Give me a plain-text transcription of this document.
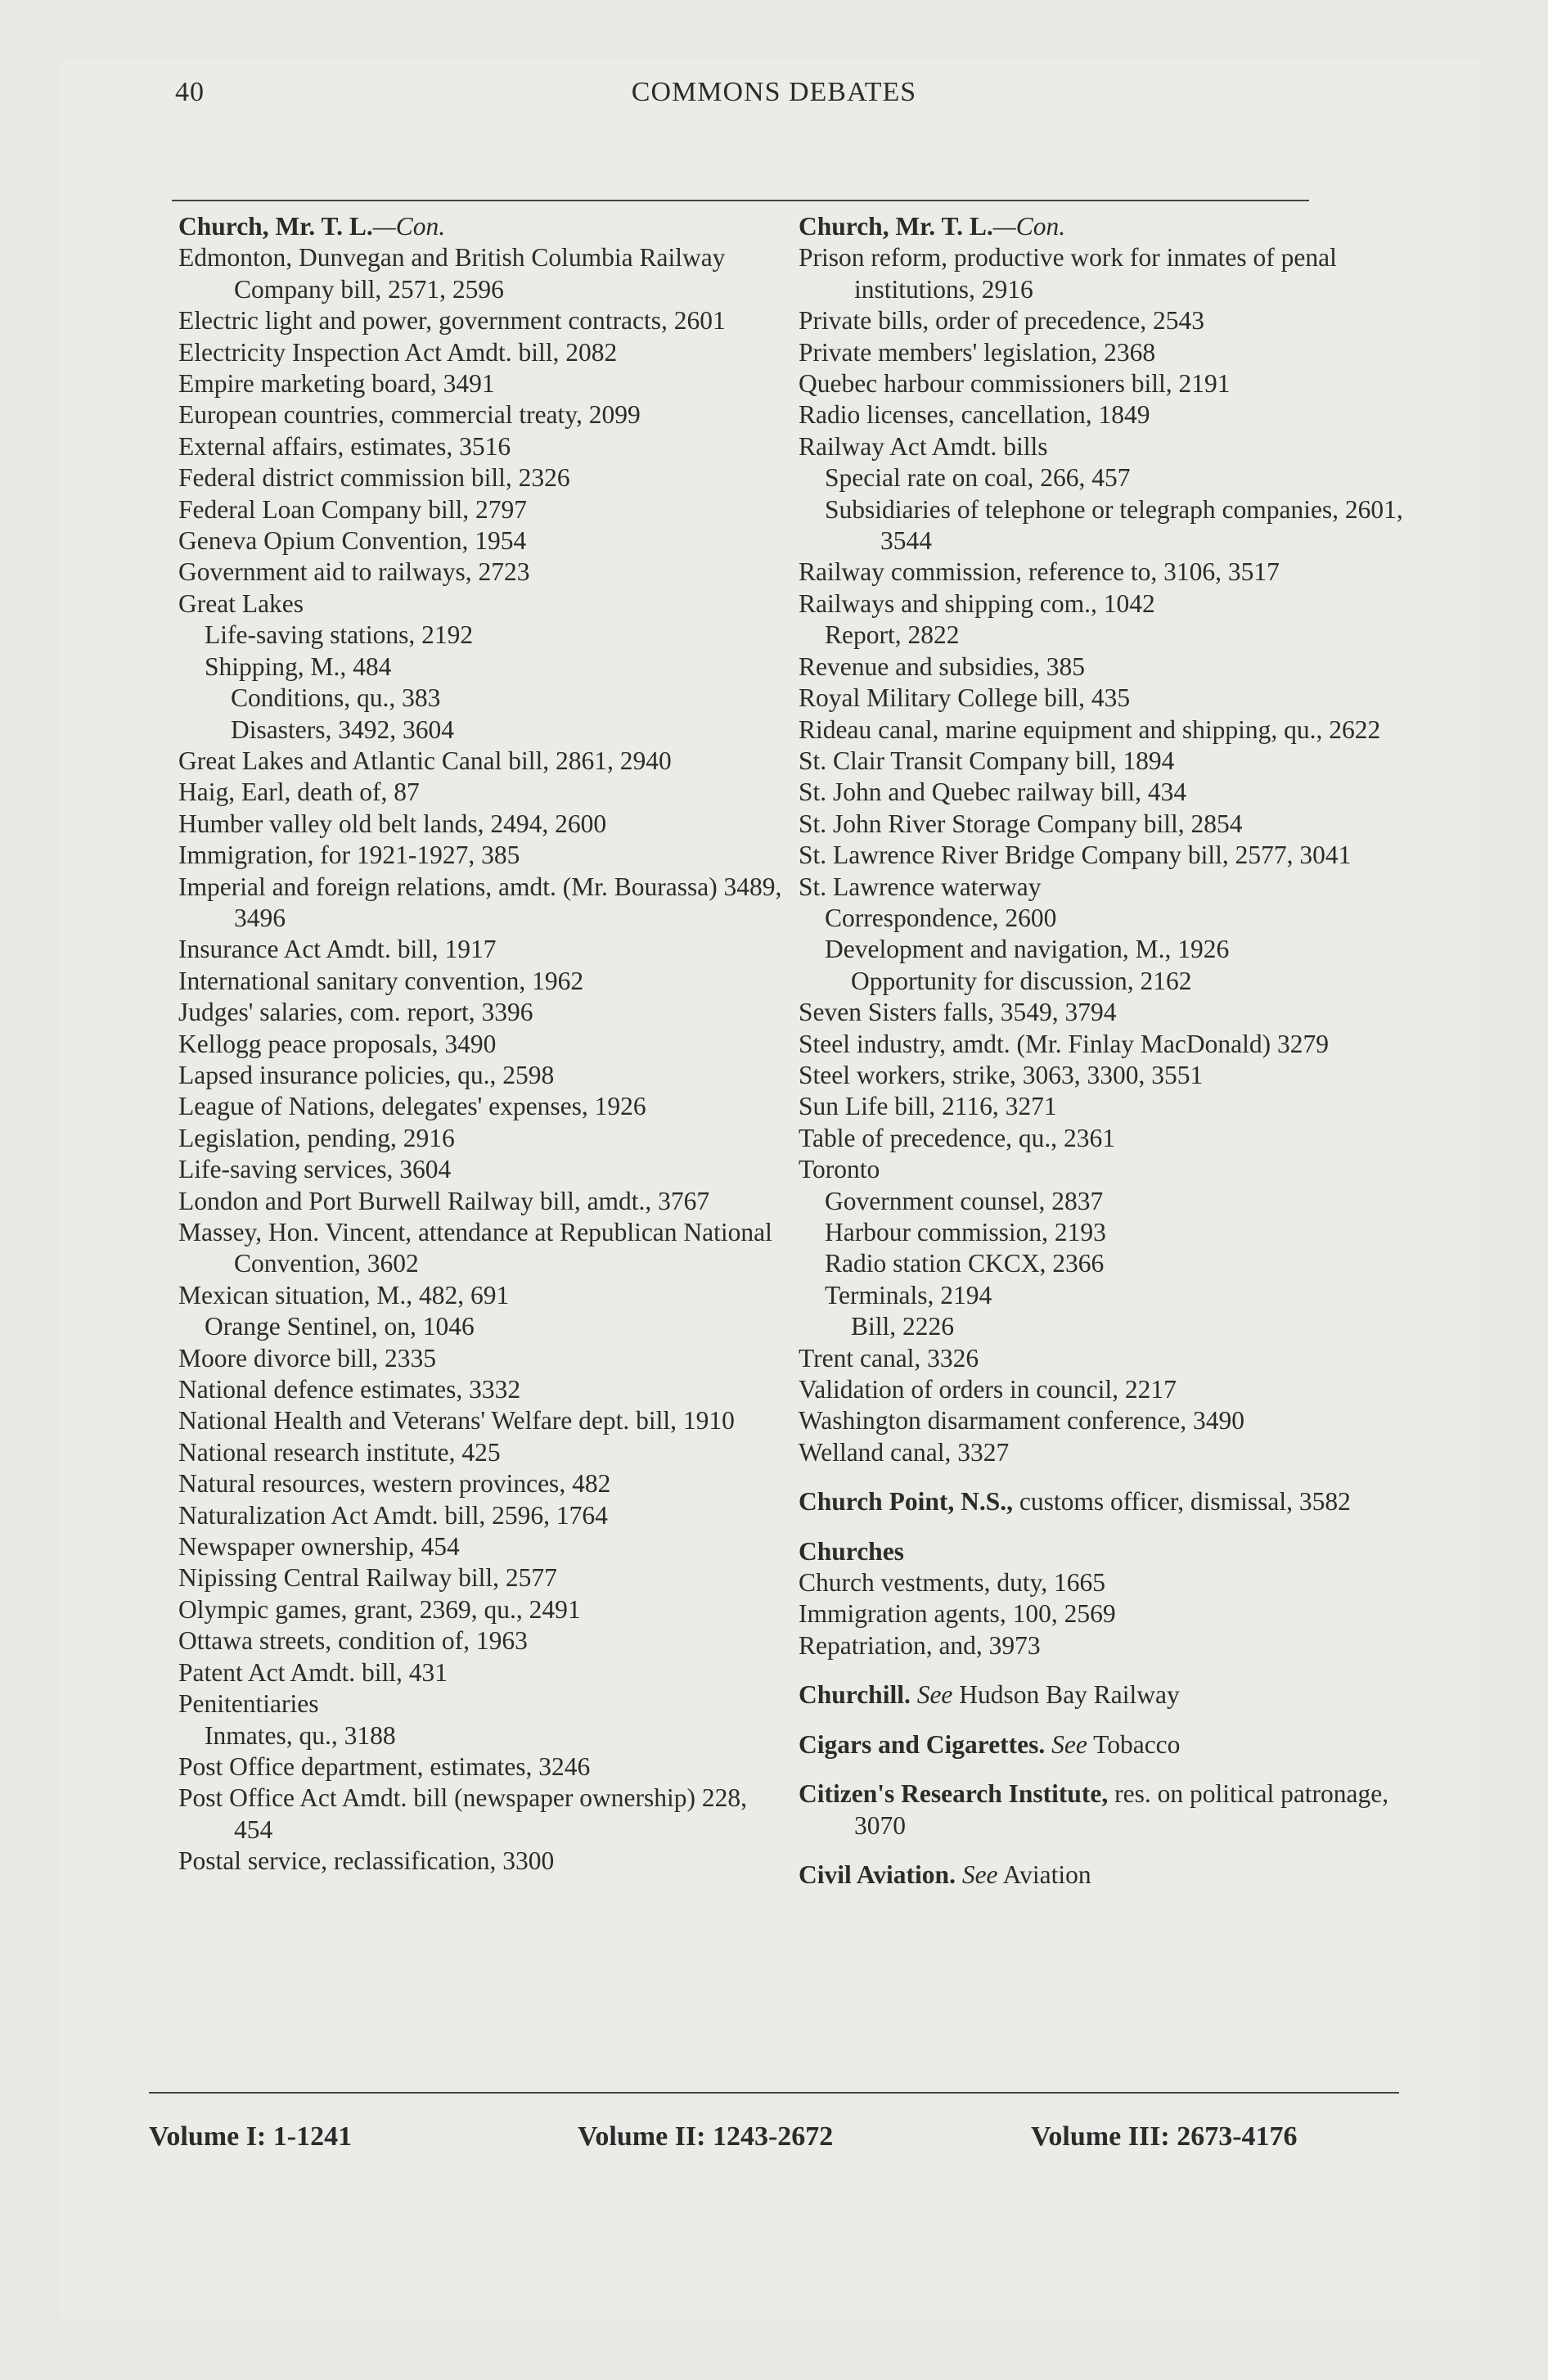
40	COMMONS DEBATES
Church, Mr. T. L.—Con.
Edmonton, Dunvegan and British Columbia Railway Company bill, 2571, 2596
Electric light and power, government contracts, 2601
Electricity Inspection Act Amdt. bill, 2082
Empire marketing board, 3491
European countries, commercial treaty, 2099
External affairs, estimates, 3516
Federal district commission bill, 2326
Federal Loan Company bill, 2797
Geneva Opium Convention, 1954
Government aid to railways, 2723
Great Lakes
Life-saving stations, 2192
Shipping, M., 484
Conditions, qu., 383
Disasters, 3492, 3604
Great Lakes and Atlantic Canal bill, 2861, 2940
Haig, Earl, death of, 87
Humber valley old belt lands, 2494, 2600
Immigration, for 1921-1927, 385
Imperial and foreign relations, amdt. (Mr. Bourassa) 3489, 3496
Insurance Act Amdt. bill, 1917
International sanitary convention, 1962
Judges' salaries, com. report, 3396
Kellogg peace proposals, 3490
Lapsed insurance policies, qu., 2598
League of Nations, delegates' expenses, 1926
Legislation, pending, 2916
Life-saving services, 3604
London and Port Burwell Railway bill, amdt., 3767
Massey, Hon. Vincent, attendance at Republican National Convention, 3602
Mexican situation, M., 482, 691
Orange Sentinel, on, 1046
Moore divorce bill, 2335
National defence estimates, 3332
National Health and Veterans' Welfare dept. bill, 1910
National research institute, 425
Natural resources, western provinces, 482
Naturalization Act Amdt. bill, 2596, 1764
Newspaper ownership, 454
Nipissing Central Railway bill, 2577
Olympic games, grant, 2369, qu., 2491
Ottawa streets, condition of, 1963
Patent Act Amdt. bill, 431
Penitentiaries
Inmates, qu., 3188
Post Office department, estimates, 3246
Post Office Act Amdt. bill (newspaper ownership) 228, 454
Postal service, reclassification, 3300
Church, Mr. T. L.—Con.
Prison reform, productive work for inmates of penal institutions, 2916
Private bills, order of precedence, 2543
Private members' legislation, 2368
Quebec harbour commissioners bill, 2191
Radio licenses, cancellation, 1849
Railway Act Amdt. bills
Special rate on coal, 266, 457
Subsidiaries of telephone or telegraph companies, 2601, 3544
Railway commission, reference to, 3106, 3517
Railways and shipping com., 1042
Report, 2822
Revenue and subsidies, 385
Royal Military College bill, 435
Rideau canal, marine equipment and shipping, qu., 2622
St. Clair Transit Company bill, 1894
St. John and Quebec railway bill, 434
St. John River Storage Company bill, 2854
St. Lawrence River Bridge Company bill, 2577, 3041
St. Lawrence waterway
Correspondence, 2600
Development and navigation, M., 1926
Opportunity for discussion, 2162
Seven Sisters falls, 3549, 3794
Steel industry, amdt. (Mr. Finlay MacDonald) 3279
Steel workers, strike, 3063, 3300, 3551
Sun Life bill, 2116, 3271
Table of precedence, qu., 2361
Toronto
Government counsel, 2837
Harbour commission, 2193
Radio station CKCX, 2366
Terminals, 2194
Bill, 2226
Trent canal, 3326
Validation of orders in council, 2217
Washington disarmament conference, 3490
Welland canal, 3327
Church Point, N.S., customs officer, dismissal, 3582
Churches
Church vestments, duty, 1665
Immigration agents, 100, 2569
Repatriation, and, 3973
Churchill. See Hudson Bay Railway
Cigars and Cigarettes. See Tobacco
Citizen's Research Institute, res. on political patronage, 3070
Civil Aviation. See Aviation
Volume I: 1-1241	Volume II: 1243-2672	Volume III: 2673-4176
